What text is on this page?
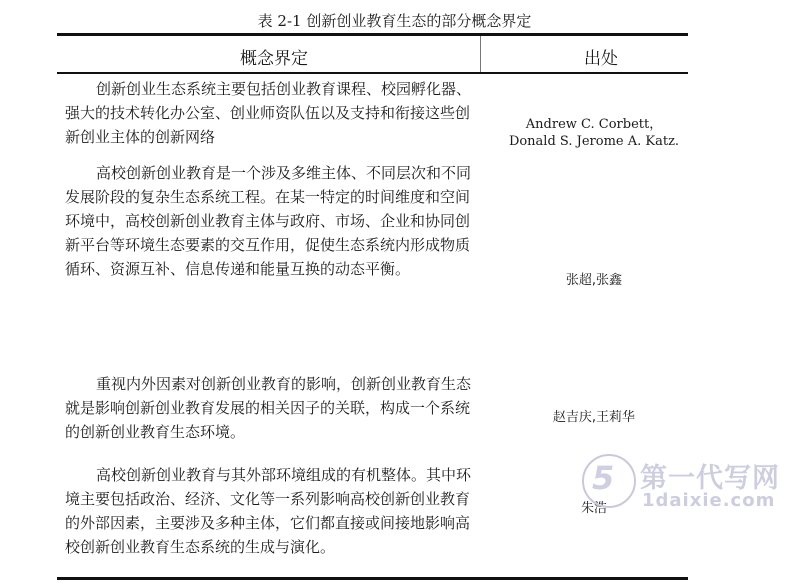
表 2-1 创新创业教育生态的部分概念界定
概念界定	出处
创新创业生态系统主要包括创业教育课程、校园孵化器、强大的技术转化办公室、创业师资队伍以及支持和衔接这些创新创业主体的创新网络
Andrew C. Corbett，Donald S. Jerome A. Katz.
高校创新创业教育是一个涉及多维主体、不同层次和不同发展阶段的复杂生态系统工程。在某一特定的时间维度和空间环境中，高校创新创业教育主体与政府、市场、企业和协同创新平台等环境生态要素的交互作用，促使生态系统内形成物质循环、资源互补、信息传递和能量互换的动态平衡。
张超,张鑫
重视内外因素对创新创业教育的影响，创新创业教育生态就是影响创新创业教育发展的相关因子的关联，构成一个系统的创新创业教育生态环境。
赵吉庆,王莉华
高校创新创业教育与其外部环境组成的有机整体。其中环境主要包括政治、经济、文化等一系列影响高校创新创业教育的外部因素，主要涉及多种主体，它们都直接或间接地影响高校创新创业教育生态系统的生成与演化。
朱浩
5 第一代写网
1daixie.com
